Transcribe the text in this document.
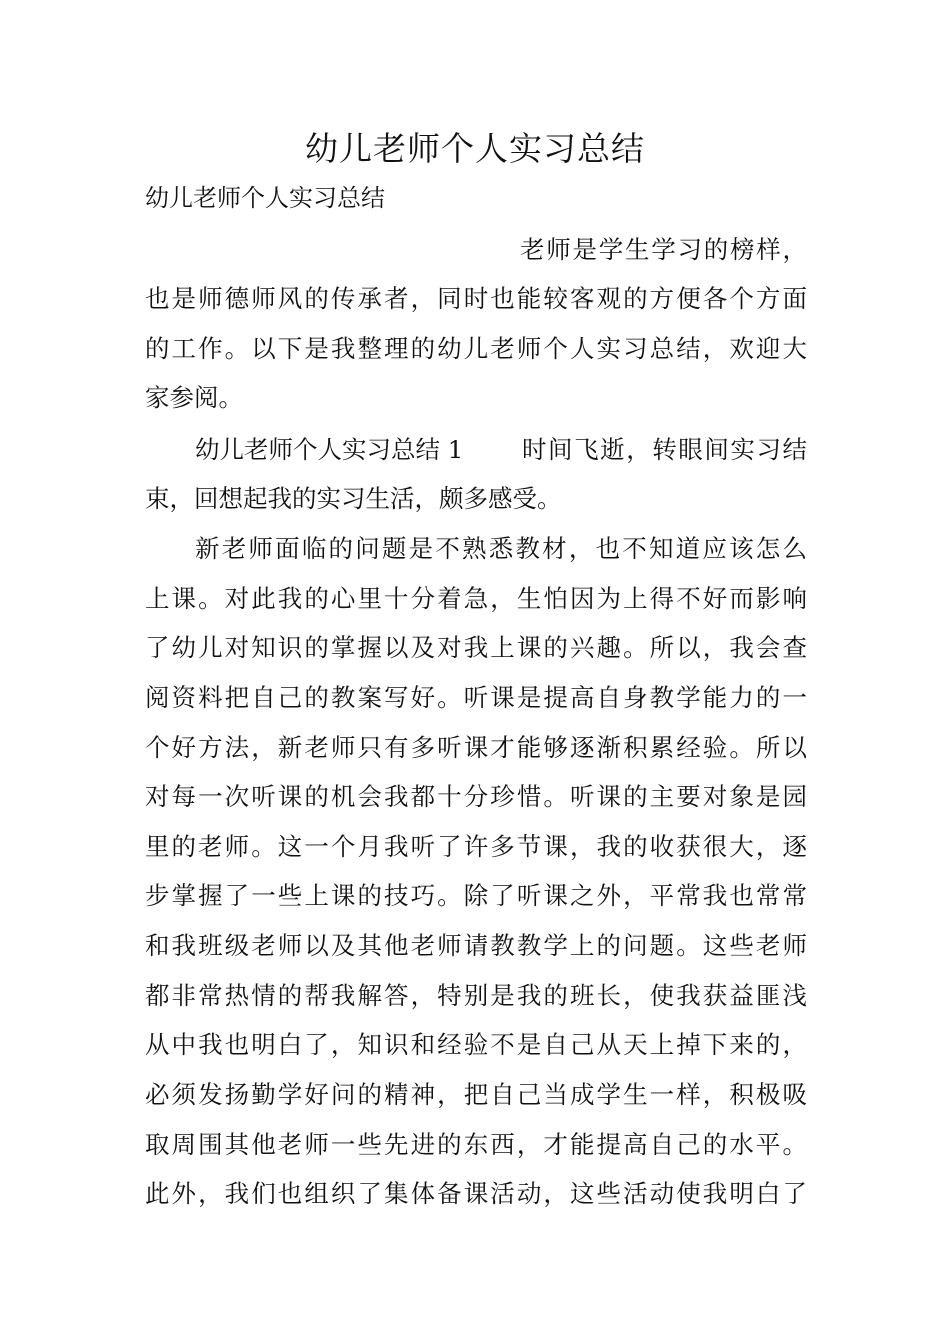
幼儿老师个人实习总结
幼儿老师个人实习总结
老师是学生学习的榜样，
也是师德师风的传承者，同时也能较客观的方便各个方面
的工作。以下是我整理的幼儿老师个人实习总结，欢迎大
家参阅。
幼儿老师个人实习总结 1 时间飞逝，转眼间实习结
束，回想起我的实习生活，颇多感受。
新老师面临的问题是不熟悉教材，也不知道应该怎么
上课。对此我的心里十分着急，生怕因为上得不好而影响
了幼儿对知识的掌握以及对我上课的兴趣。所以，我会查
阅资料把自己的教案写好。听课是提高自身教学能力的一
个好方法，新老师只有多听课才能够逐渐积累经验。所以
对每一次听课的机会我都十分珍惜。听课的主要对象是园
里的老师。这一个月我听了许多节课，我的收获很大，逐
步掌握了一些上课的技巧。除了听课之外，平常我也常常
和我班级老师以及其他老师请教教学上的问题。这些老师
都非常热情的帮我解答，特别是我的班长，使我获益匪浅
从中我也明白了，知识和经验不是自己从天上掉下来的，
必须发扬勤学好问的精神，把自己当成学生一样，积极吸
取周围其他老师一些先进的东西，才能提高自己的水平。
此外，我们也组织了集体备课活动，这些活动使我明白了
